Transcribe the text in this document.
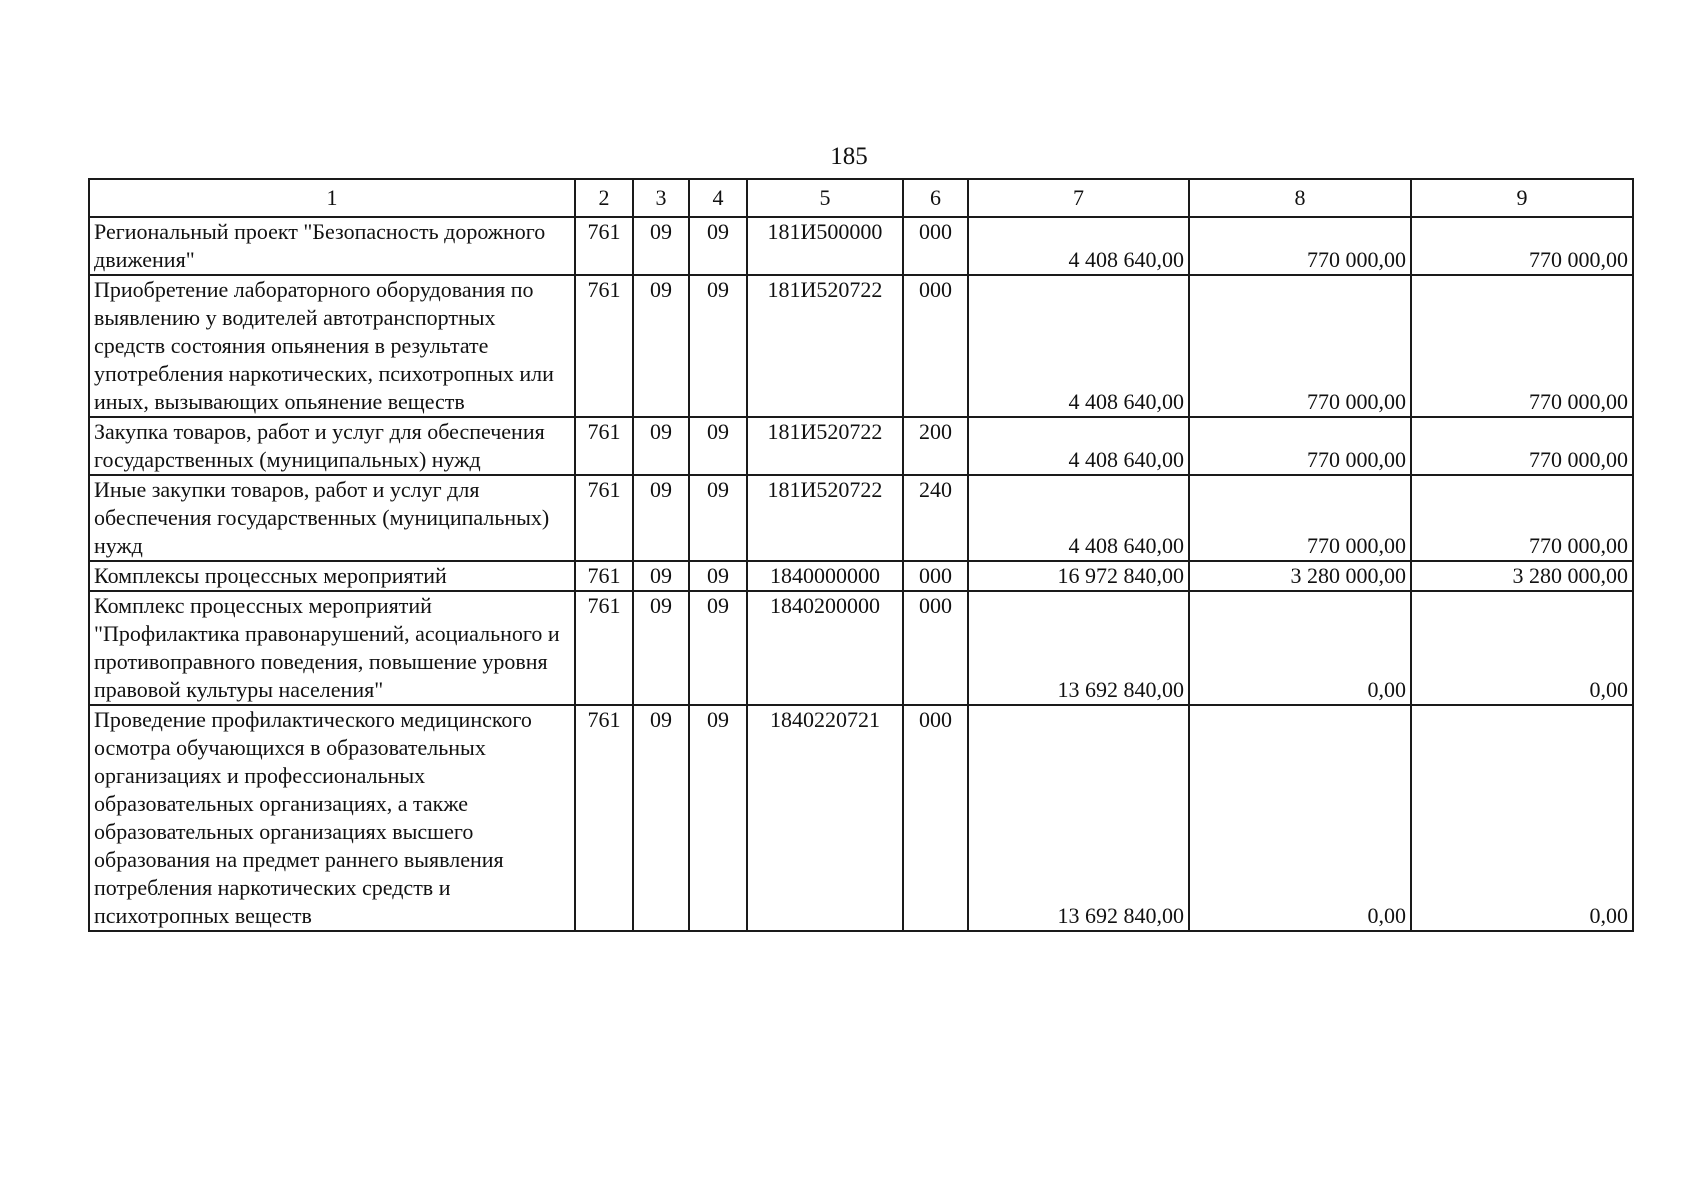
185
1	2	3	4	5	6	7	8	9
Региональный проект "Безопасность дорожного движения"	761	09	09	181И500000	000	4 408 640,00	770 000,00	770 000,00
Приобретение лабораторного оборудования по выявлению у водителей автотранспортных средств состояния опьянения в результате употребления наркотических, психотропных или иных, вызывающих опьянение веществ	761	09	09	181И520722	000	4 408 640,00	770 000,00	770 000,00
Закупка товаров, работ и услуг для обеспечения государственных (муниципальных) нужд	761	09	09	181И520722	200	4 408 640,00	770 000,00	770 000,00
Иные закупки товаров, работ и услуг для обеспечения государственных (муниципальных) нужд	761	09	09	181И520722	240	4 408 640,00	770 000,00	770 000,00
Комплексы процессных мероприятий	761	09	09	1840000000	000	16 972 840,00	3 280 000,00	3 280 000,00
Комплекс процессных мероприятий "Профилактика правонарушений, асоциального и противоправного поведения, повышение уровня правовой культуры населения"	761	09	09	1840200000	000	13 692 840,00	0,00	0,00
Проведение профилактического медицинского осмотра обучающихся в образовательных организациях и профессиональных образовательных организациях, а также образовательных организациях высшего образования на предмет раннего выявления потребления наркотических средств и психотропных веществ	761	09	09	1840220721	000	13 692 840,00	0,00	0,00
